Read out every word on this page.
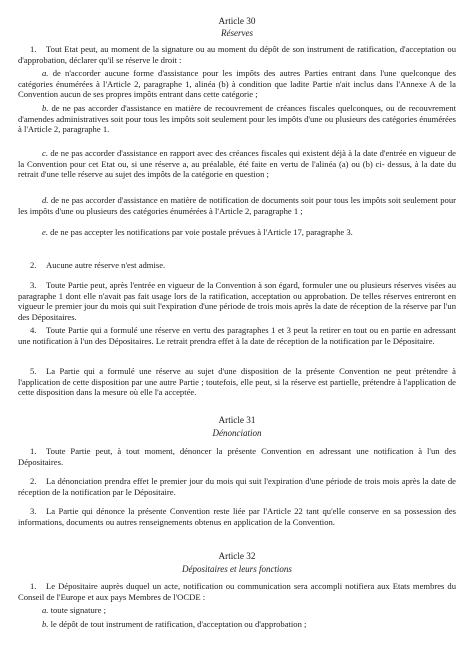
Article 30
Réserves

1. Tout Etat peut, au moment de la signature ou au moment du dépôt de son instrument de ratification, d'acceptation ou d'approbation, déclarer qu'il se réserve le droit :

a. de n'accorder aucune forme d'assistance pour les impôts des autres Parties entrant dans l'une quelconque des catégories énumérées à l'Article 2, paragraphe 1, alinéa (b) à condition que ladite Partie n'ait inclus dans l'Annexe A de la Convention aucun de ses propres impôts entrant dans cette catégorie ;

b. de ne pas accorder d'assistance en matière de recouvrement de créances fiscales quelconques, ou de recouvrement d'amendes administratives soit pour tous les impôts soit seulement pour les impôts d'une ou plusieurs des catégories énumérées à l'Article 2, paragraphe 1.

c. de ne pas accorder d'assistance en rapport avec des créances fiscales qui existent déjà à la date d'entrée en vigueur de la Convention pour cet Etat ou, si une réserve a, au préalable, été faite en vertu de l'alinéa (a) ou (b) ci- dessus, à la date du retrait d'une telle réserve au sujet des impôts de la catégorie en question ;

d. de ne pas accorder d'assistance en matière de notification de documents soit pour tous les impôts soit seulement pour les impôts d'une ou plusieurs des catégories énumérées à l'Article 2, paragraphe 1 ;

e. de ne pas accepter les notifications par voie postale prévues à l'Article 17, paragraphe 3.

2. Aucune autre réserve n'est admise.

3. Toute Partie peut, après l'entrée en vigueur de la Convention à son égard, formuler une ou plusieurs réserves visées au paragraphe 1 dont elle n'avait pas fait usage lors de la ratification, acceptation ou approbation. De telles réserves entreront en vigueur le premier jour du mois qui suit l'expiration d'une période de trois mois après la date de réception de la réserve par l'un des Dépositaires.

4. Toute Partie qui a formulé une réserve en vertu des paragraphes 1 et 3 peut la retirer en tout ou en partie en adressant une notification à l'un des Dépositaires. Le retrait prendra effet à la date de réception de la notification par le Dépositaire.

5. La Partie qui a formulé une réserve au sujet d'une disposition de la présente Convention ne peut prétendre à l'application de cette disposition par une autre Partie ; toutefois, elle peut, si la réserve est partielle, prétendre à l'application de cette disposition dans la mesure où elle l'a acceptée.

Article 31
Dénonciation

1. Toute Partie peut, à tout moment, dénoncer la présente Convention en adressant une notification à l'un des Dépositaires.

2. La dénonciation prendra effet le premier jour du mois qui suit l'expiration d'une période de trois mois après la date de réception de la notification par le Dépositaire.

3. La Partie qui dénonce la présente Convention reste liée par l'Article 22 tant qu'elle conserve en sa possession des informations, documents ou autres renseignements obtenus en application de la Convention.

Article 32
Dépositaires et leurs fonctions

1. Le Dépositaire auprès duquel un acte, notification ou communication sera accompli notifiera aux Etats membres du Conseil de l'Europe et aux pays Membres de l'OCDE :

a. toute signature ;

b. le dépôt de tout instrument de ratification, d'acceptation ou d'approbation ;
